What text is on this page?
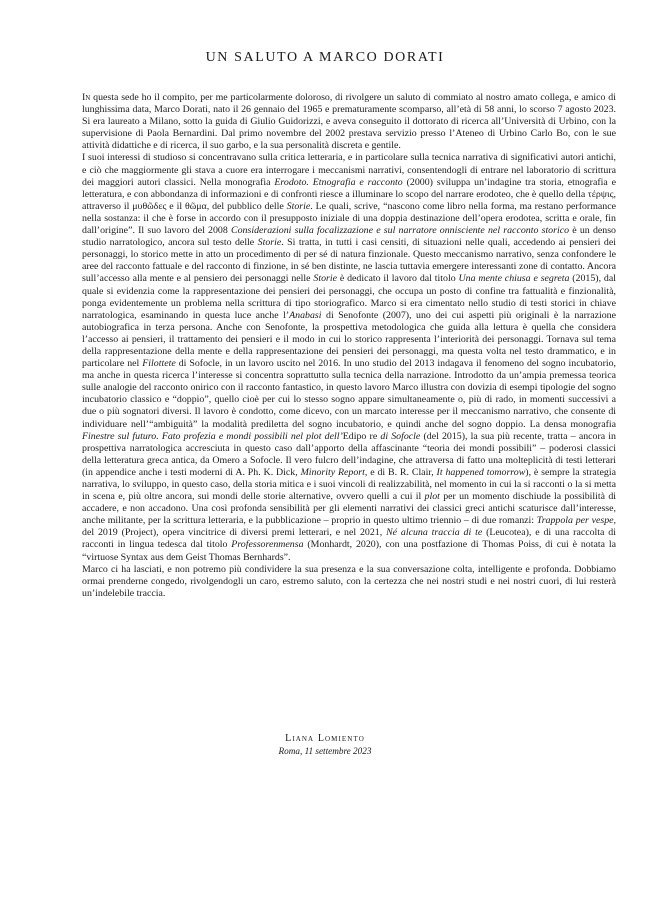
UN SALUTO A MARCO DORATI

In questa sede ho il compito, per me particolarmente doloroso, di rivolgere un saluto di commiato al nostro amato collega, e amico di lunghissima data, Marco Dorati, nato il 26 gennaio del 1965 e prematuramente scomparso, all’età di 58 anni, lo scorso 7 agosto 2023. Si era laureato a Milano, sotto la guida di Giulio Guidorizzi, e aveva conseguito il dottorato di ricerca all’Università di Urbino, con la supervisione di Paola Bernardini. Dal primo novembre del 2002 prestava servizio presso l’Ateneo di Urbino Carlo Bo, con le sue attività didattiche e di ricerca, il suo garbo, e la sua personalità discreta e gentile.

I suoi interessi di studioso si concentravano sulla critica letteraria, e in particolare sulla tecnica narrativa di significativi autori antichi, e ciò che maggiormente gli stava a cuore era interrogare i meccanismi narrativi, consentendogli di entrare nel laboratorio di scrittura dei maggiori autori classici. Nella monografia Erodoto. Etnografia e racconto (2000) sviluppa un’indagine tra storia, etnografia e letteratura, e con abbondanza di informazioni e di confronti riesce a illuminare lo scopo del narrare erodoteo, che è quello della τέρψις, attraverso il μυθῶδες e il θῶμα, del pubblico delle Storie. Le quali, scrive, “nascono come libro nella forma, ma restano performance nella sostanza: il che è forse in accordo con il presupposto iniziale di una doppia destinazione dell’opera erodotea, scritta e orale, fin dall’origine”. Il suo lavoro del 2008 Considerazioni sulla focalizzazione e sul narratore onnisciente nel racconto storico è un denso studio narratologico, ancora sul testo delle Storie. Si tratta, in tutti i casi censiti, di situazioni nelle quali, accedendo ai pensieri dei personaggi, lo storico mette in atto un procedimento di per sé di natura finzionale. Questo meccanismo narrativo, senza confondere le aree del racconto fattuale e del racconto di finzione, in sé ben distinte, ne lascia tuttavia emergere interessanti zone di contatto. Ancora sull’accesso alla mente e al pensiero dei personaggi nelle Storie è dedicato il lavoro dal titolo Una mente chiusa e segreta (2015), dal quale si evidenzia come la rappresentazione dei pensieri dei personaggi, che occupa un posto di confine tra fattualità e finzionalità, ponga evidentemente un problema nella scrittura di tipo storiografico. Marco si era cimentato nello studio di testi storici in chiave narratologica, esaminando in questa luce anche l’Anabasi di Senofonte (2007), uno dei cui aspetti più originali è la narrazione autobiografica in terza persona. Anche con Senofonte, la prospettiva metodologica che guida alla lettura è quella che considera l’accesso ai pensieri, il trattamento dei pensieri e il modo in cui lo storico rappresenta l’interiorità dei personaggi. Tornava sul tema della rappresentazione della mente e della rappresentazione dei pensieri dei personaggi, ma questa volta nel testo drammatico, e in particolare nel Filottete di Sofocle, in un lavoro uscito nel 2016. In uno studio del 2013 indagava il fenomeno del sogno incubatorio, ma anche in questa ricerca l’interesse si concentra soprattutto sulla tecnica della narrazione. Introdotto da un’ampia premessa teorica sulle analogie del racconto onirico con il racconto fantastico, in questo lavoro Marco illustra con dovizia di esempi tipologie del sogno incubatorio classico e “doppio”, quello cioè per cui lo stesso sogno appare simultaneamente o, più di rado, in momenti successivi a due o più sognatori diversi. Il lavoro è condotto, come dicevo, con un marcato interesse per il meccanismo narrativo, che consente di individuare nell’“ambiguità” la modalità prediletta del sogno incubatorio, e quindi anche del sogno doppio. La densa monografia Finestre sul futuro. Fato profezia e mondi possibili nel plot dell’Edipo re di Sofocle (del 2015), la sua più recente, tratta – ancora in prospettiva narratologica accresciuta in questo caso dall’apporto della affascinante “teoria dei mondi possibili” – poderosi classici della letteratura greca antica, da Omero a Sofocle. Il vero fulcro dell’indagine, che attraversa di fatto una molteplicità di testi letterari (in appendice anche i testi moderni di A. Ph. K. Dick, Minority Report, e di B. R. Clair, It happened tomorrow), è sempre la strategia narrativa, lo sviluppo, in questo caso, della storia mitica e i suoi vincoli di realizzabilità, nel momento in cui la si racconti o la si metta in scena e, più oltre ancora, sui mondi delle storie alternative, ovvero quelli a cui il plot per un momento dischiude la possibilità di accadere, e non accadono. Una così profonda sensibilità per gli elementi narrativi dei classici greci antichi scaturisce dall’interesse, anche militante, per la scrittura letteraria, e la pubblicazione – proprio in questo ultimo triennio – di due romanzi: Trappola per vespe, del 2019 (Project), opera vincitrice di diversi premi letterari, e nel 2021, Né alcuna traccia di te (Leucotea), e di una raccolta di racconti in lingua tedesca dal titolo Professorenmensa (Monhardt, 2020), con una postfazione di Thomas Poiss, di cui è notata la “virtuose Syntax aus dem Geist Thomas Bernhards”.

Marco ci ha lasciati, e non potremo più condividere la sua presenza e la sua conversazione colta, intelligente e profonda. Dobbiamo ormai prenderne congedo, rivolgendogli un caro, estremo saluto, con la certezza che nei nostri studi e nei nostri cuori, di lui resterà un’indelebile traccia.

Liana Lomiento
Roma, 11 settembre 2023
